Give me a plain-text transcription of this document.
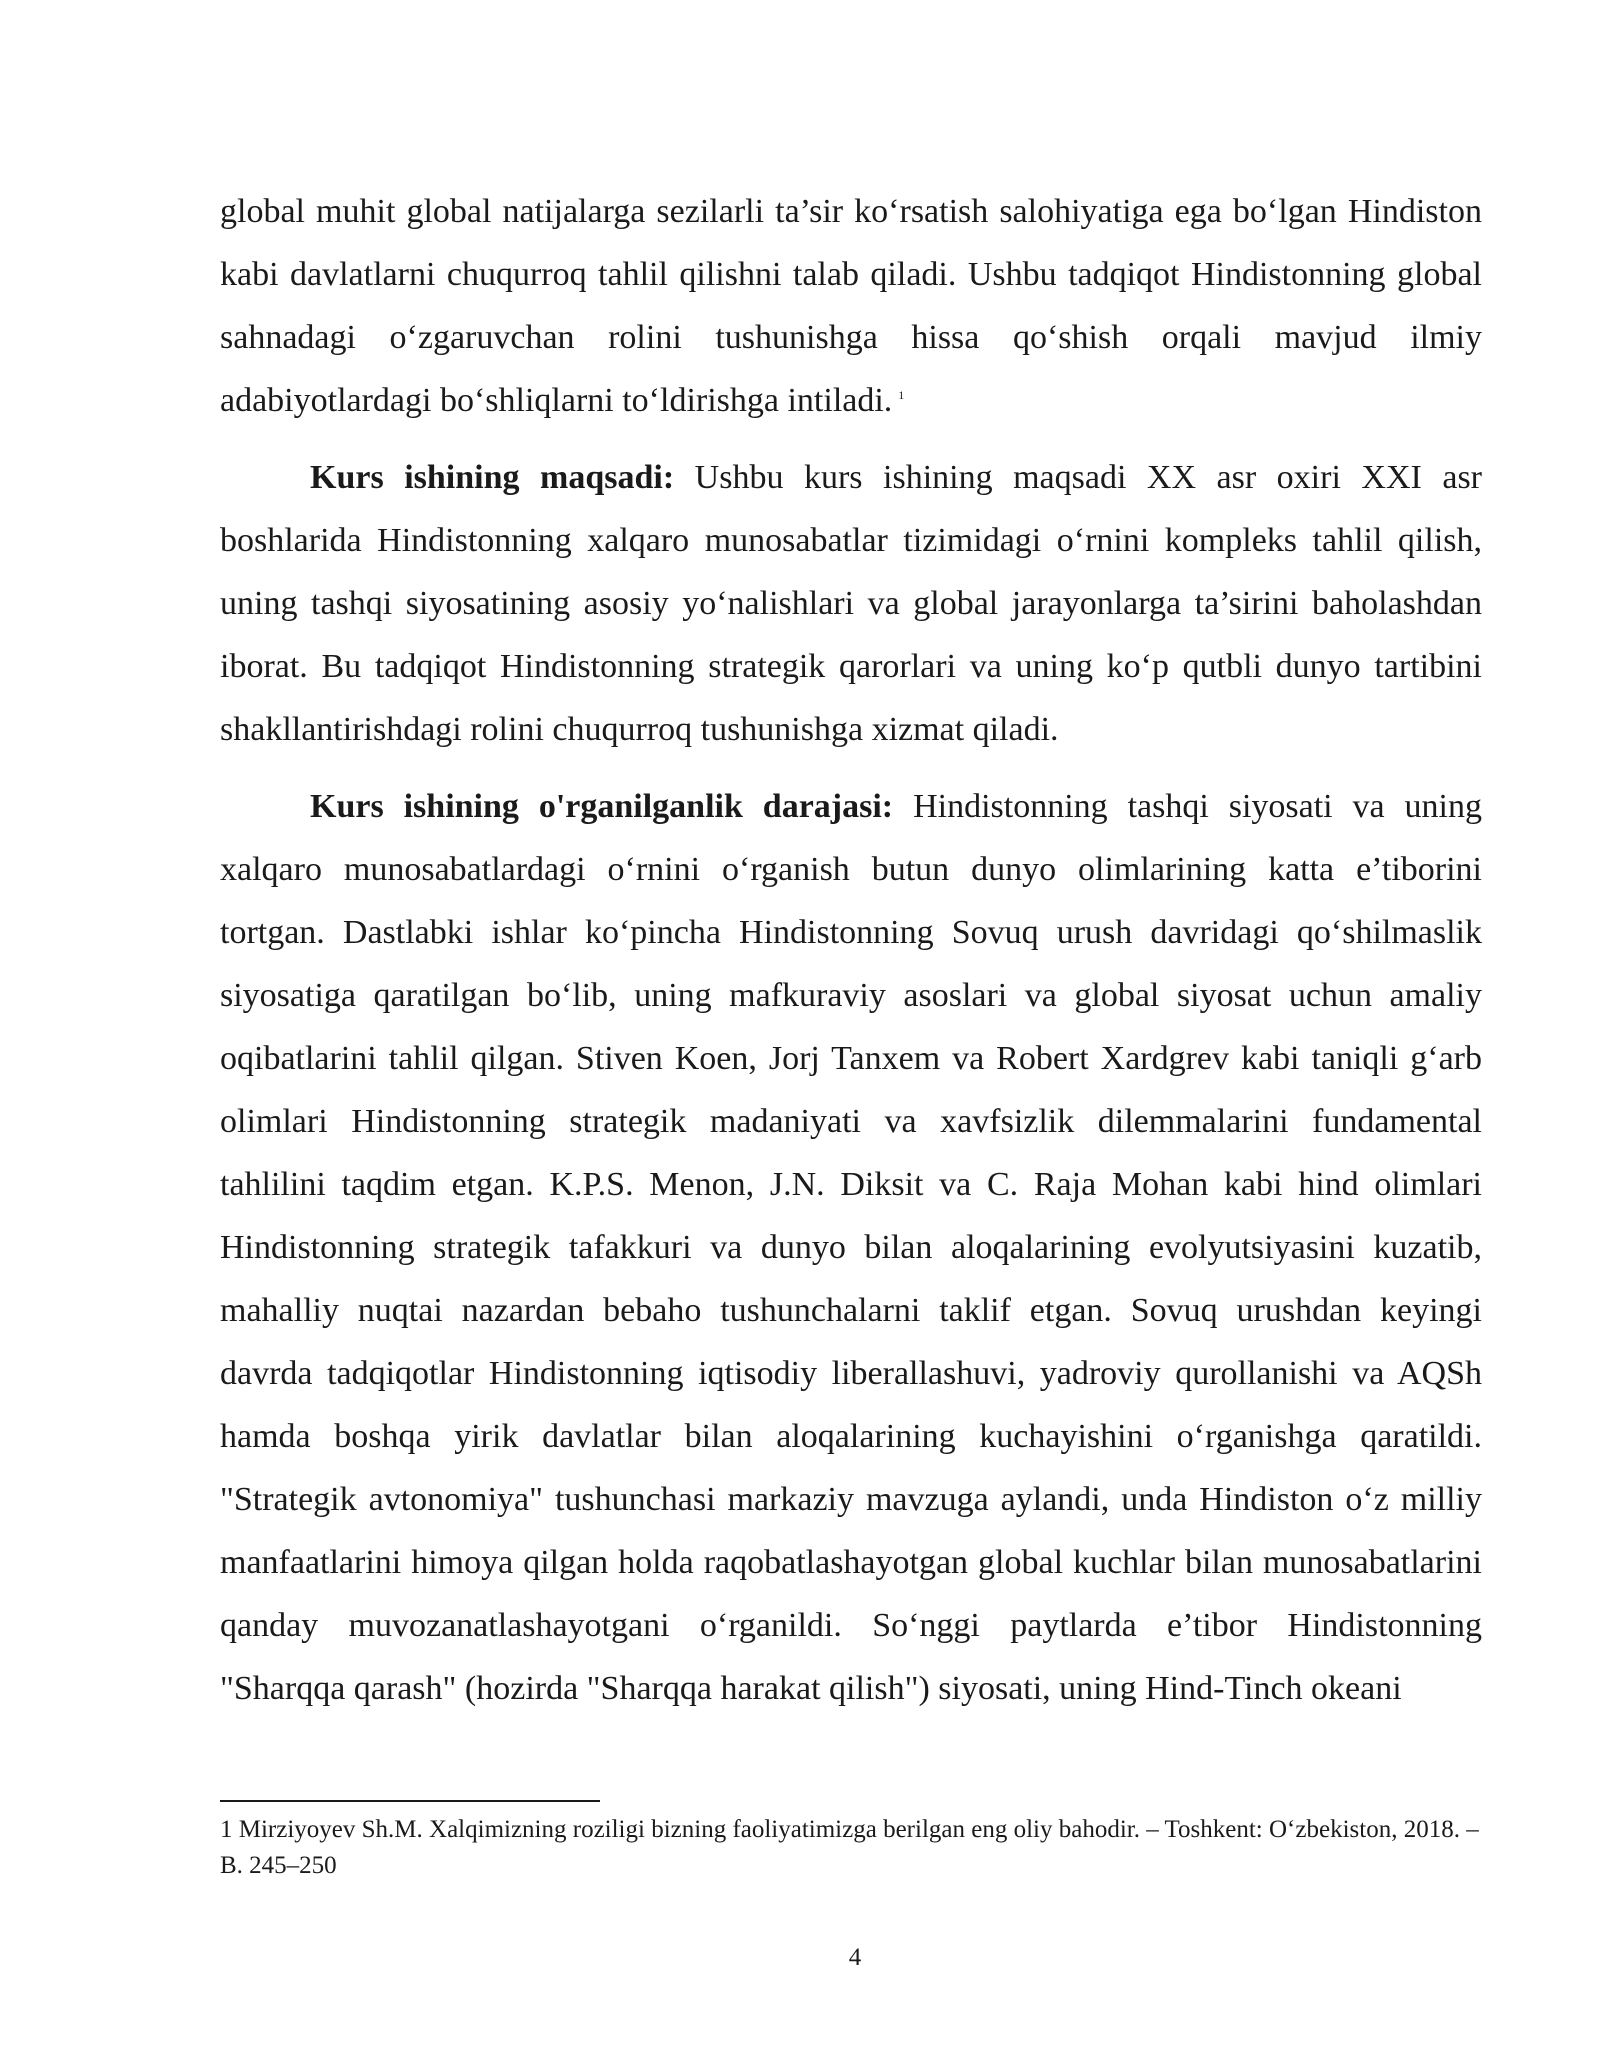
global muhit global natijalarga sezilarli ta’sir ko‘rsatish salohiyatiga ega bo‘lgan Hindiston kabi davlatlarni chuqurroq tahlil qilishni talab qiladi. Ushbu tadqiqot Hindistonning global sahnadagi o‘zgaruvchan rolini tushunishga hissa qo‘shish orqali mavjud ilmiy adabiyotlardagi bo‘shliqlarni to‘ldirishga intiladi. $^1$

Kurs ishining maqsadi: Ushbu kurs ishining maqsadi XX asr oxiri XXI asr boshlarida Hindistonning xalqaro munosabatlar tizimidagi o‘rnini kompleks tahlil qilish, uning tashqi siyosatining asosiy yo‘nalishlari va global jarayonlarga ta’sirini baholashdan iborat. Bu tadqiqot Hindistonning strategik qarorlari va uning ko‘p qutbli dunyo tartibini shakllantirishdagi rolini chuqurroq tushunishga xizmat qiladi.

Kurs ishining o'rganilganlik darajasi: Hindistonning tashqi siyosati va uning xalqaro munosabatlardagi o‘rnini o‘rganish butun dunyo olimlarining katta e’tiborini tortgan. Dastlabki ishlar ko‘pincha Hindistonning Sovuq urush davridagi qo‘shilmaslik siyosatiga qaratilgan bo‘lib, uning mafkuraviy asoslari va global siyosat uchun amaliy oqibatlarini tahlil qilgan. Stiven Koen, Jorj Tanxem va Robert Xardgrev kabi taniqli g‘arb olimlari Hindistonning strategik madaniyati va xavfsizlik dilemmalarini fundamental tahlilini taqdim etgan. K.P.S. Menon, J.N. Diksit va C. Raja Mohan kabi hind olimlari Hindistonning strategik tafakkuri va dunyo bilan aloqalarining evolyutsiyasini kuzatib, mahalliy nuqtai nazardan bebaho tushunchalarni taklif etgan. Sovuq urushdan keyingi davrda tadqiqotlar Hindistonning iqtisodiy liberallashuvi, yadroviy qurollanishi va AQSh hamda boshqa yirik davlatlar bilan aloqalarining kuchayishini o‘rganishga qaratildi. "Strategik avtonomiya" tushunchasi markaziy mavzuga aylandi, unda Hindiston o‘z milliy manfaatlarini himoya qilgan holda raqobatlashayotgan global kuchlar bilan munosabatlarini qanday muvozanatlashayotgani o‘rganildi. So‘nggi paytlarda e’tibor Hindistonning "Sharqqa qarash" (hozirda "Sharqqa harakat qilish") siyosati, uning Hind-Tinch okeani

1 Mirziyoyev Sh.M. Xalqimizning roziligi bizning faoliyatimizga berilgan eng oliy bahodir. – Toshkent: O‘zbekiston, 2018. – B. 245–250
4
